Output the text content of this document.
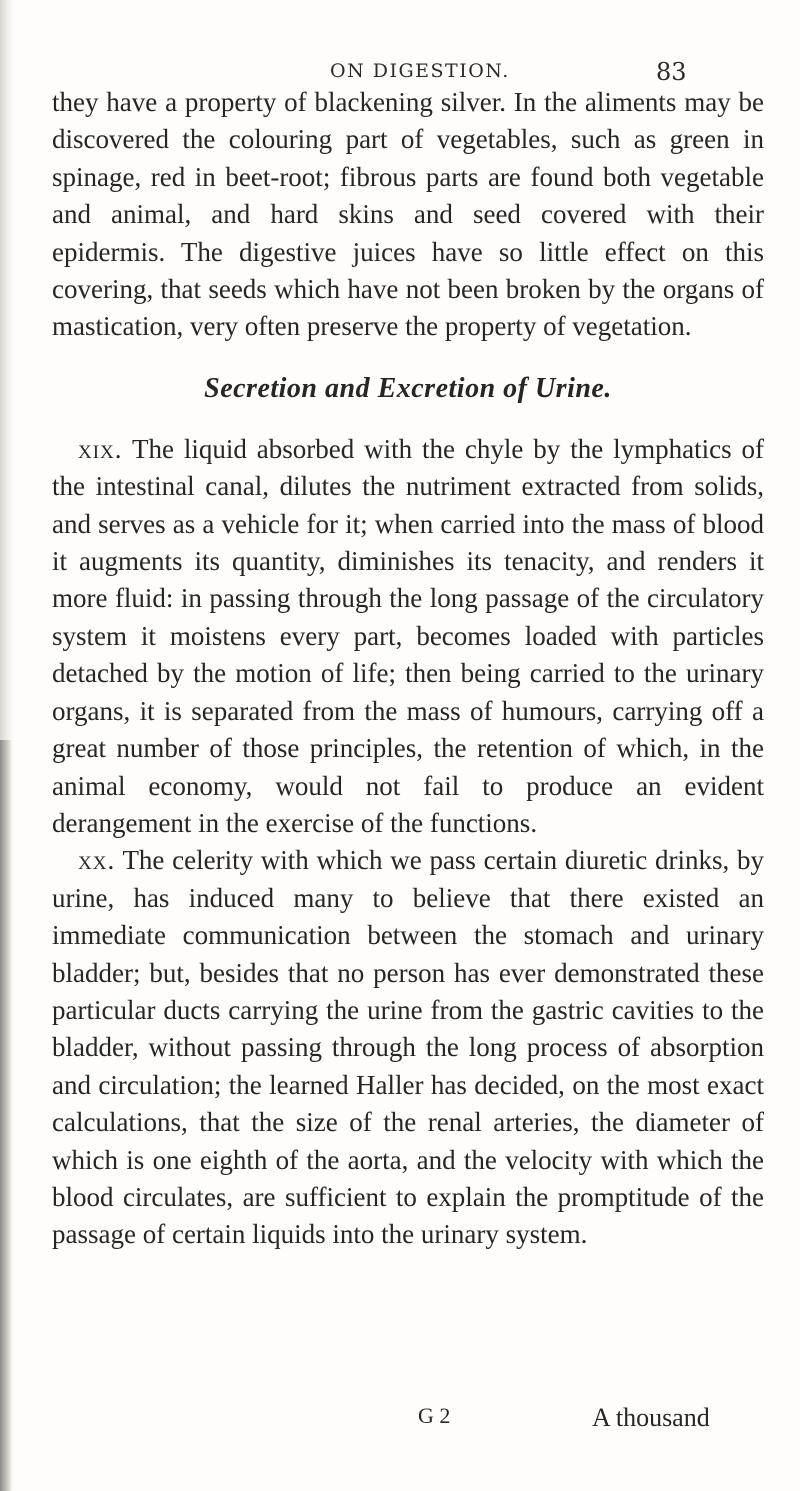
ON DIGESTION.	83

they have a property of blackening silver. In the aliments may be discovered the colouring part of vegetables, such as green in spinage, red in beet-root; fibrous parts are found both vegetable and animal, and hard skins and seed covered with their epidermis. The digestive juices have so little effect on this covering, that seeds which have not been broken by the organs of mastication, very often preserve the property of vegetation.

Secretion and Excretion of Urine.

xix. The liquid absorbed with the chyle by the lymphatics of the intestinal canal, dilutes the nutriment extracted from solids, and serves as a vehicle for it; when carried into the mass of blood it augments its quantity, diminishes its tenacity, and renders it more fluid: in passing through the long passage of the circulatory system it moistens every part, becomes loaded with particles detached by the motion of life; then being carried to the urinary organs, it is separated from the mass of humours, carrying off a great number of those principles, the retention of which, in the animal economy, would not fail to produce an evident derangement in the exercise of the functions.

xx. The celerity with which we pass certain diuretic drinks, by urine, has induced many to believe that there existed an immediate communication between the stomach and urinary bladder; but, besides that no person has ever demonstrated these particular ducts carrying the urine from the gastric cavities to the bladder, without passing through the long process of absorption and circulation; the learned Haller has decided, on the most exact calculations, that the size of the renal arteries, the diameter of which is one eighth of the aorta, and the velocity with which the blood circulates, are sufficient to explain the promptitude of the passage of certain liquids into the urinary system.

G 2	A thousand
